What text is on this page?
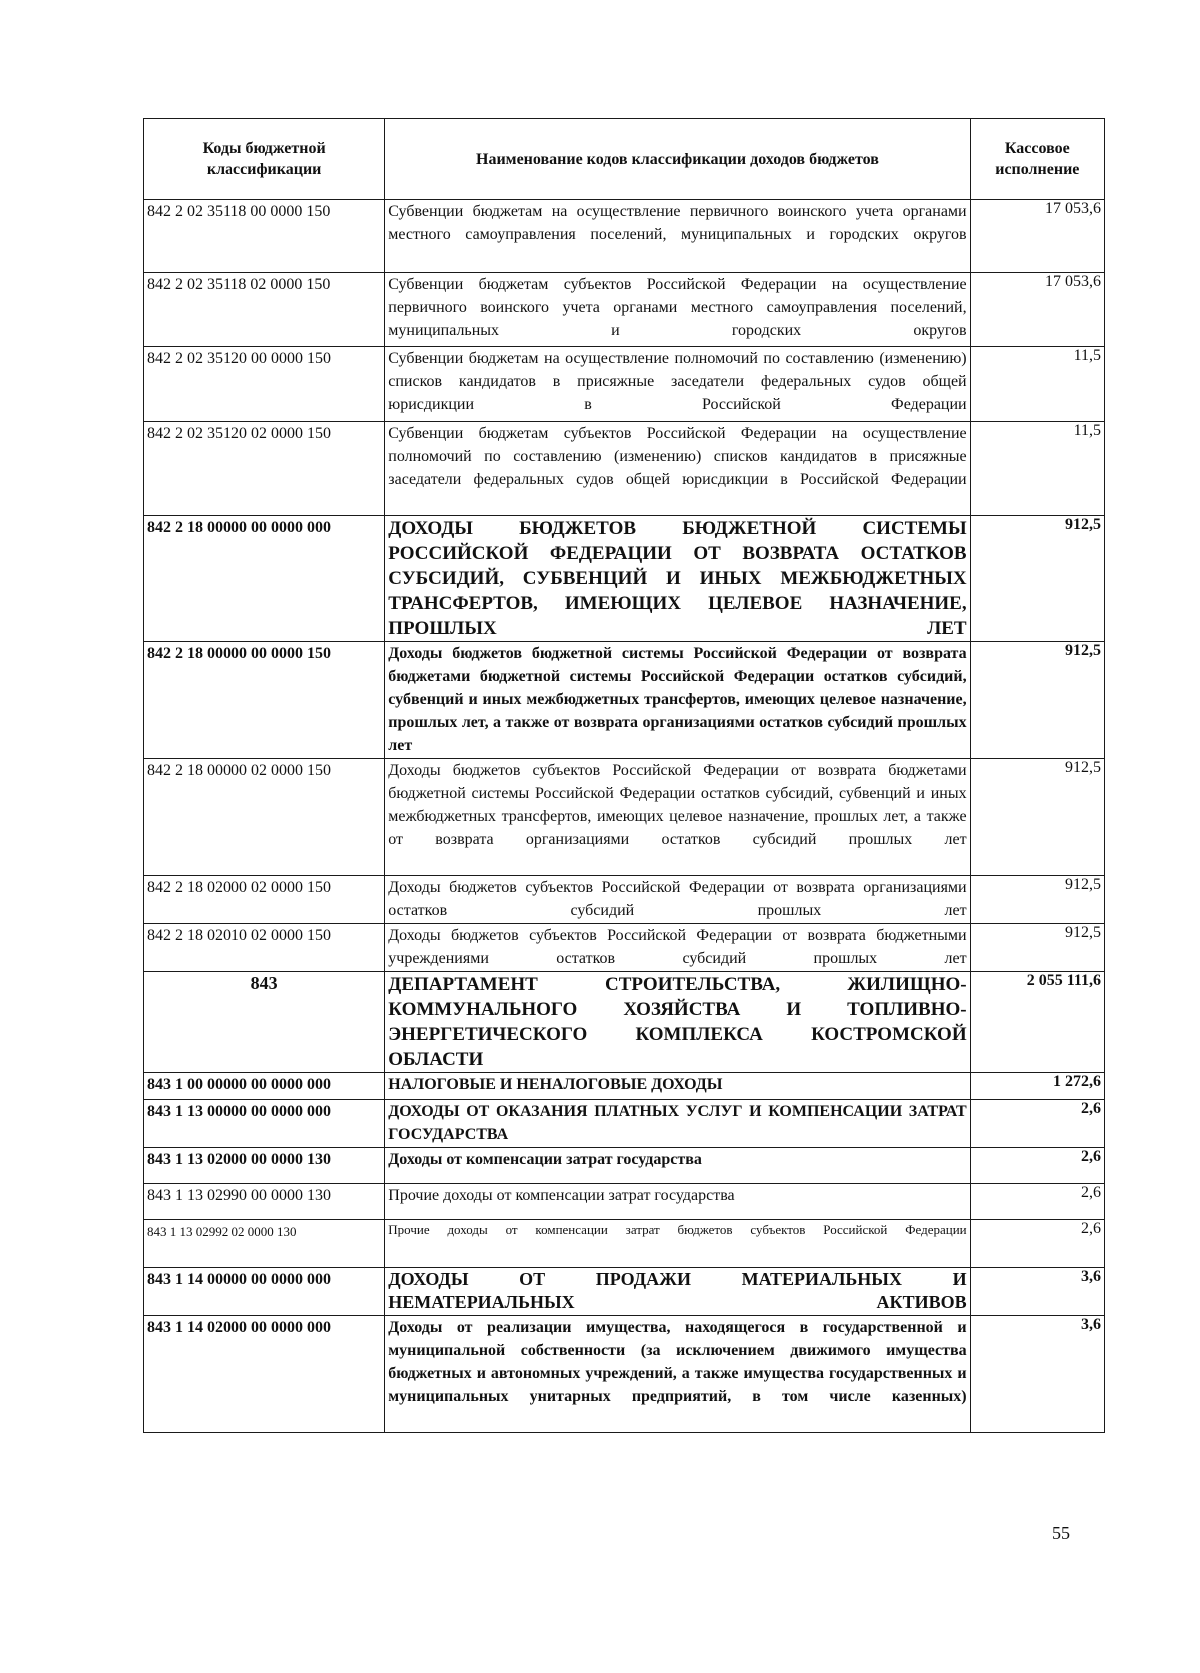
Коды бюджетной классификации	Наименование кодов классификации доходов бюджетов	Кассовое исполнение
842 2 02 35118 00 0000 150	Субвенции бюджетам на осуществление первичного воинского учета органами местного самоуправления поселений, муниципальных и городских округов	17 053,6
842 2 02 35118 02 0000 150	Субвенции бюджетам субъектов Российской Федерации на осуществление первичного воинского учета органами местного самоуправления поселений, муниципальных и городских округов	17 053,6
842 2 02 35120 00 0000 150	Субвенции бюджетам на осуществление полномочий по составлению (изменению) списков кандидатов в присяжные заседатели федеральных судов общей юрисдикции в Российской Федерации	11,5
842 2 02 35120 02 0000 150	Субвенции бюджетам субъектов Российской Федерации на осуществление полномочий по составлению (изменению) списков кандидатов в присяжные заседатели федеральных судов общей юрисдикции в Российской Федерации	11,5
842 2 18 00000 00 0000 000	ДОХОДЫ БЮДЖЕТОВ БЮДЖЕТНОЙ СИСТЕМЫ РОССИЙСКОЙ ФЕДЕРАЦИИ ОТ ВОЗВРАТА ОСТАТКОВ СУБСИДИЙ, СУБВЕНЦИЙ И ИНЫХ МЕЖБЮДЖЕТНЫХ ТРАНСФЕРТОВ, ИМЕЮЩИХ ЦЕЛЕВОЕ НАЗНАЧЕНИЕ, ПРОШЛЫХ ЛЕТ	912,5
842 2 18 00000 00 0000 150	Доходы бюджетов бюджетной системы Российской Федерации от возврата бюджетами бюджетной системы Российской Федерации остатков субсидий, субвенций и иных межбюджетных трансфертов, имеющих целевое назначение, прошлых лет, а также от возврата организациями остатков субсидий прошлых лет	912,5
842 2 18 00000 02 0000 150	Доходы бюджетов субъектов Российской Федерации от возврата бюджетами бюджетной системы Российской Федерации остатков субсидий, субвенций и иных межбюджетных трансфертов, имеющих целевое назначение, прошлых лет, а также от возврата организациями остатков субсидий прошлых лет	912,5
842 2 18 02000 02 0000 150	Доходы бюджетов субъектов Российской Федерации от возврата организациями остатков субсидий прошлых лет	912,5
842 2 18 02010 02 0000 150	Доходы бюджетов субъектов Российской Федерации от возврата бюджетными учреждениями остатков субсидий прошлых лет	912,5
843	ДЕПАРТАМЕНТ СТРОИТЕЛЬСТВА, ЖИЛИЩНО-КОММУНАЛЬНОГО ХОЗЯЙСТВА И ТОПЛИВНО-ЭНЕРГЕТИЧЕСКОГО КОМПЛЕКСА КОСТРОМСКОЙ ОБЛАСТИ	2 055 111,6
843 1 00 00000 00 0000 000	НАЛОГОВЫЕ И НЕНАЛОГОВЫЕ ДОХОДЫ	1 272,6
843 1 13 00000 00 0000 000	ДОХОДЫ ОТ ОКАЗАНИЯ ПЛАТНЫХ УСЛУГ И КОМПЕНСАЦИИ ЗАТРАТ ГОСУДАРСТВА	2,6
843 1 13 02000 00 0000 130	Доходы от компенсации затрат государства	2,6
843 1 13 02990 00 0000 130	Прочие доходы от компенсации затрат государства	2,6
843 1 13 02992 02 0000 130	Прочие доходы от компенсации затрат бюджетов субъектов Российской Федерации	2,6
843 1 14 00000 00 0000 000	ДОХОДЫ ОТ ПРОДАЖИ МАТЕРИАЛЬНЫХ И НЕМАТЕРИАЛЬНЫХ АКТИВОВ	3,6
843 1 14 02000 00 0000 000	Доходы от реализации имущества, находящегося в государственной и муниципальной собственности (за исключением движимого имущества бюджетных и автономных учреждений, а также имущества государственных и муниципальных унитарных предприятий, в том числе казенных)	3,6
55
